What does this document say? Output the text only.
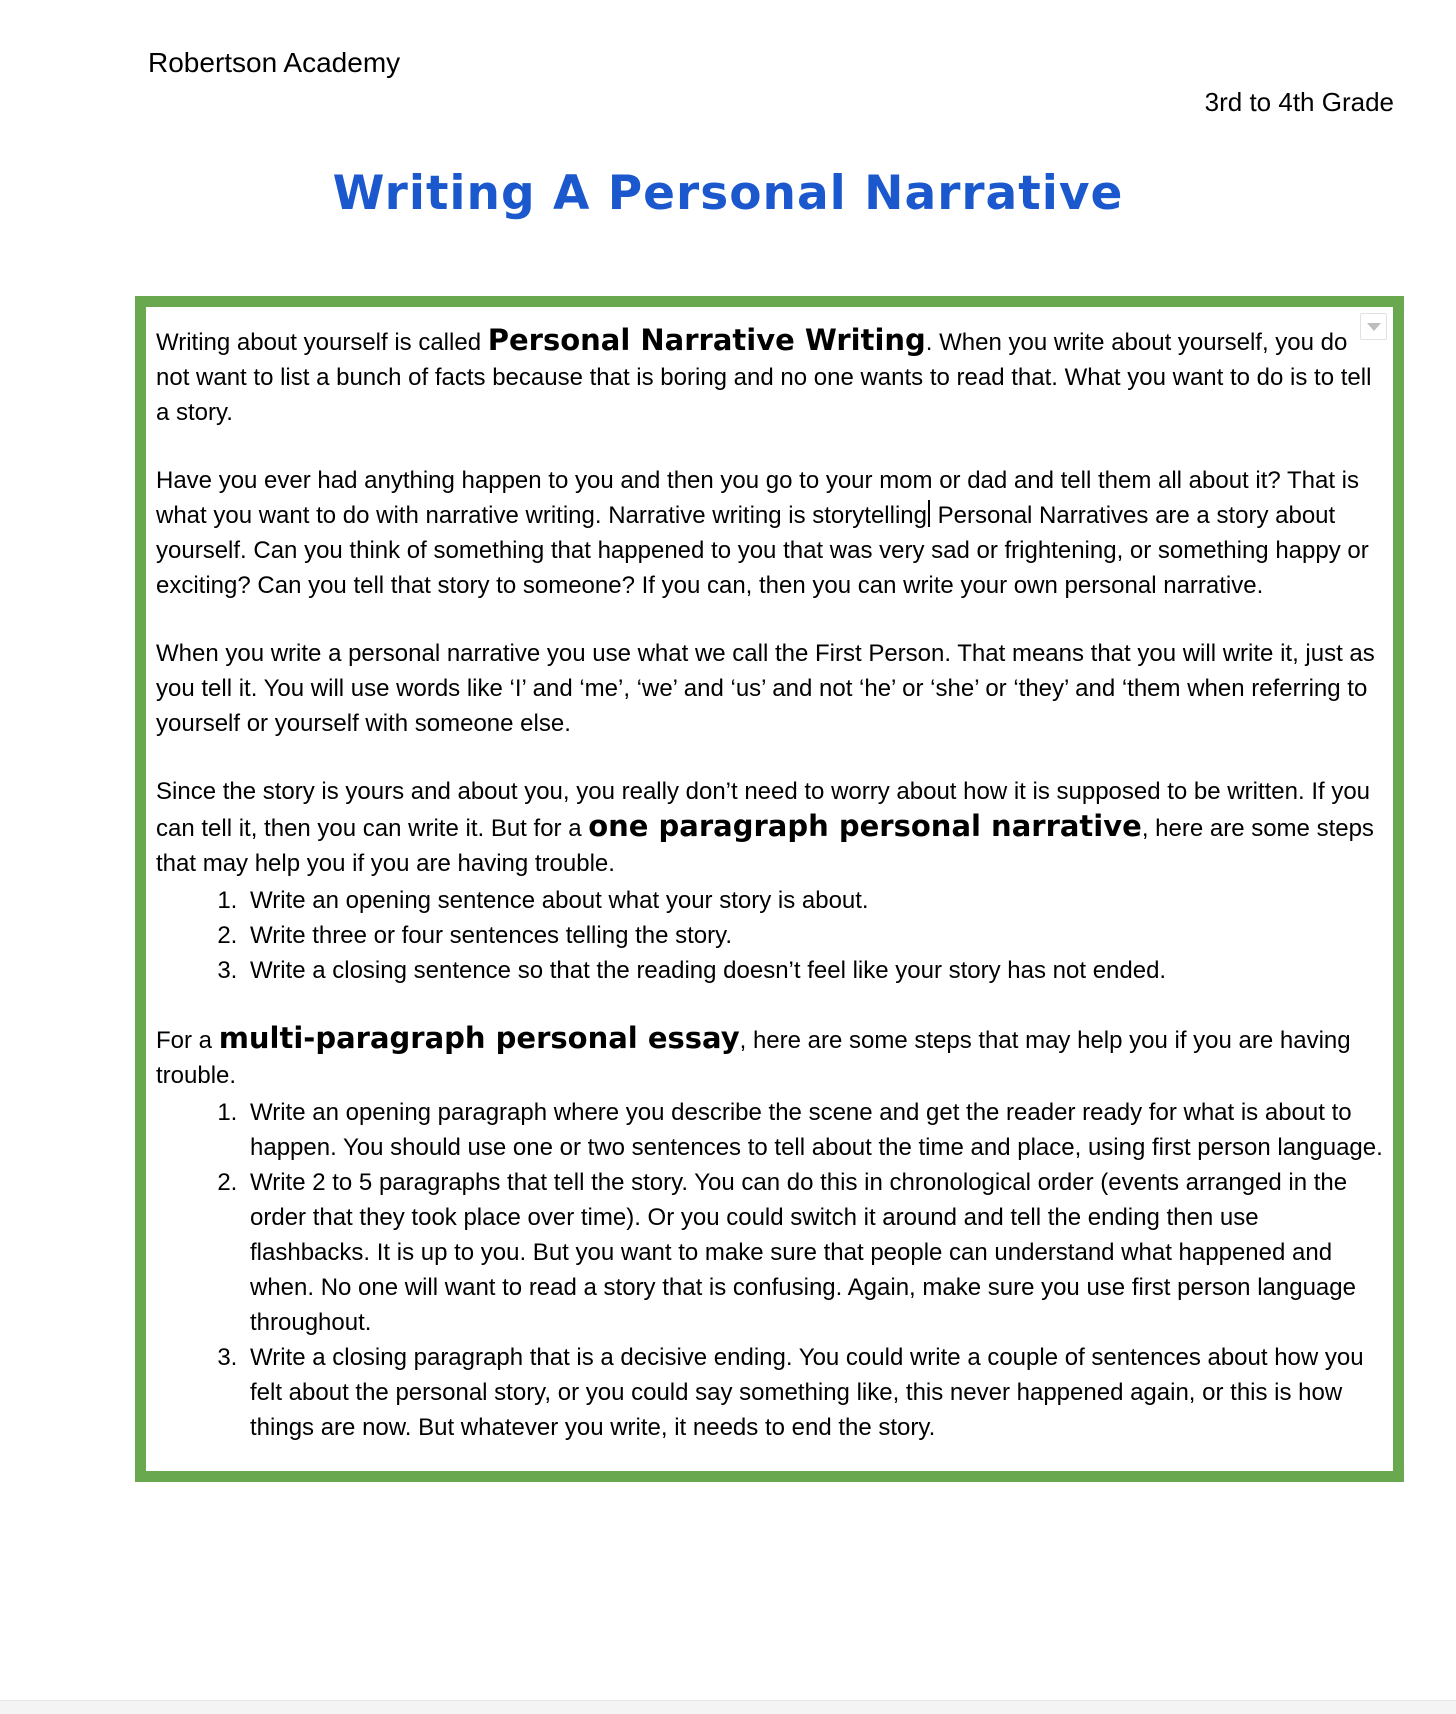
Robertson Academy
3rd to 4th Grade
Writing A Personal Narrative

Writing about yourself is called Personal Narrative Writing. When you write about yourself, you do not want to list a bunch of facts because that is boring and no one wants to read that. What you want to do is to tell a story.

Have you ever had anything happen to you and then you go to your mom or dad and tell them all about it? That is what you want to do with narrative writing. Narrative writing is storytelling Personal Narratives are a story about yourself. Can you think of something that happened to you that was very sad or frightening, or something happy or exciting? Can you tell that story to someone? If you can, then you can write your own personal narrative.

When you write a personal narrative you use what we call the First Person. That means that you will write it, just as you tell it. You will use words like ‘I’ and ‘me’, ‘we’ and ‘us’ and not ‘he’ or ‘she’ or ‘they’ and ‘them when referring to yourself or yourself with someone else.

Since the story is yours and about you, you really don’t need to worry about how it is supposed to be written. If you can tell it, then you can write it. But for a one paragraph personal narrative, here are some steps that may help you if you are having trouble.

1. Write an opening sentence about what your story is about.
2. Write three or four sentences telling the story.
3. Write a closing sentence so that the reading doesn’t feel like your story has not ended.

For a multi-paragraph personal essay, here are some steps that may help you if you are having trouble.

1. Write an opening paragraph where you describe the scene and get the reader ready for what is about to happen. You should use one or two sentences to tell about the time and place, using first person language.
2. Write 2 to 5 paragraphs that tell the story. You can do this in chronological order (events arranged in the order that they took place over time). Or you could switch it around and tell the ending then use flashbacks. It is up to you. But you want to make sure that people can understand what happened and when. No one will want to read a story that is confusing. Again, make sure you use first person language throughout.
3. Write a closing paragraph that is a decisive ending. You could write a couple of sentences about how you felt about the personal story, or you could say something like, this never happened again, or this is how things are now. But whatever you write, it needs to end the story.
